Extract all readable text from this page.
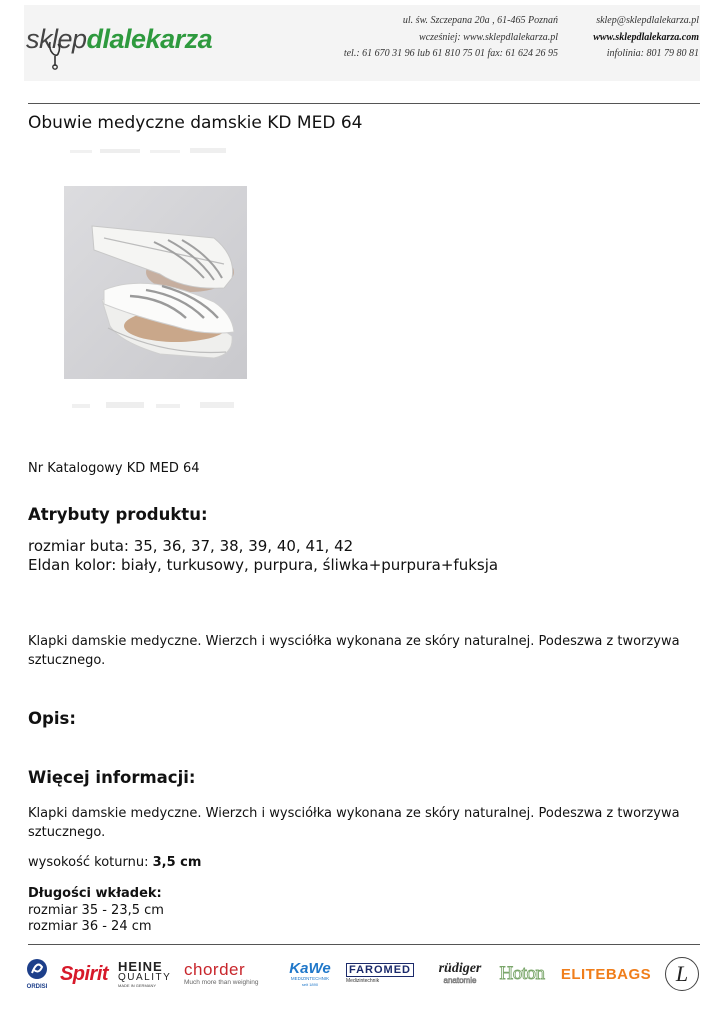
sklepdlalekarza
ul. św. Szczepana 20a , 61-465 Poznań
wcześniej: www.sklepdlalekarza.pl
tel.: 61 670 31 96 lub 61 810 75 01 fax: 61 624 26 95
sklep@sklepdlalekarza.pl
www.sklepdlalekarza.com
infolinia: 801 79 80 81
Obuwie medyczne damskie KD MED 64
Nr Katalogowy KD MED 64
Atrybuty produktu:
rozmiar buta: 35, 36, 37, 38, 39, 40, 41, 42
Eldan kolor: biały, turkusowy, purpura, śliwka+purpura+fuksja
Klapki damskie medyczne. Wierzch i wysciółka wykonana ze skóry naturalnej. Podeszwa z tworzywa
sztucznego.
Opis:
Więcej informacji:
Klapki damskie medyczne. Wierzch i wysciółka wykonana ze skóry naturalnej. Podeszwa z tworzywa
sztucznego.
wysokość koturnu: 3,5 cm
Długości wkładek:
rozmiar 35 - 23,5 cm
rozmiar 36 - 24 cm
ORDISI
Spirit HEINE
QUALITY
MADE IN GERMANY
chorder
Much more than weighing
KaWe
MEDIZINTECHNIK
seit 1890
FAROMED
Medizintechnik
rüdiger
anatomie Hoton ELITEBAGS	L
